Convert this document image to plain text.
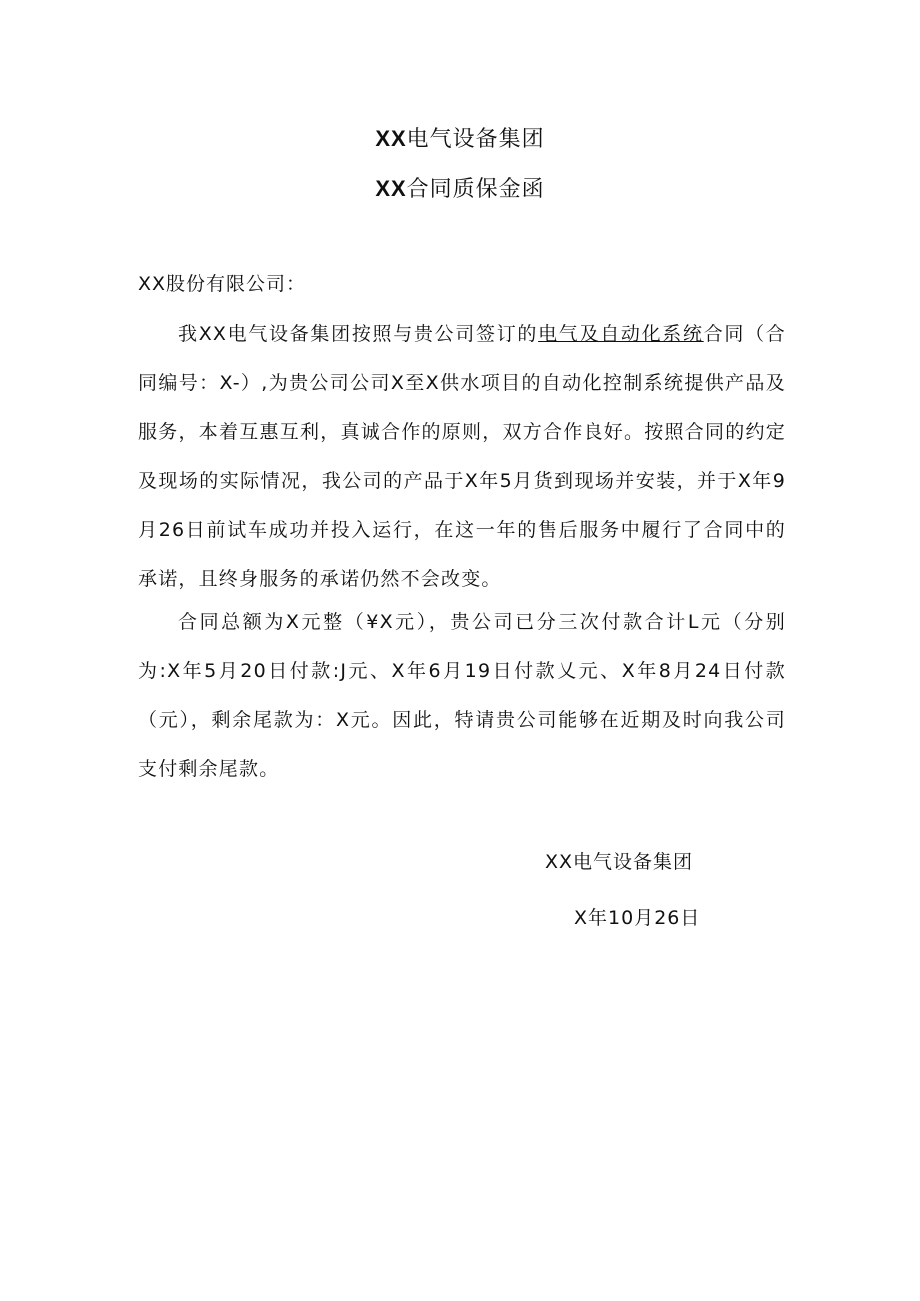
XX电气设备集团
XX合同质保金函
XX股份有限公司：

我XX电气设备集团按照与贵公司签订的电气及自动化系统合同（合同编号：X-）,为贵公司公司X至X供水项目的自动化控制系统提供产品及服务，本着互惠互利，真诚合作的原则，双方合作良好。按照合同的约定及现场的实际情况，我公司的产品于X年5月货到现场并安装，并于X年9月26日前试车成功并投入运行，在这一年的售后服务中履行了合同中的承诺，且终身服务的承诺仍然不会改变。

合同总额为X元整（¥X元），贵公司已分三次付款合计L元（分别为:X年5月20日付款:J元、X年6月19日付款乂元、X年8月24日付款（元），剩余尾款为：X元。因此，特请贵公司能够在近期及时向我公司支付剩余尾款。

XX电气设备集团
X年10月26日
